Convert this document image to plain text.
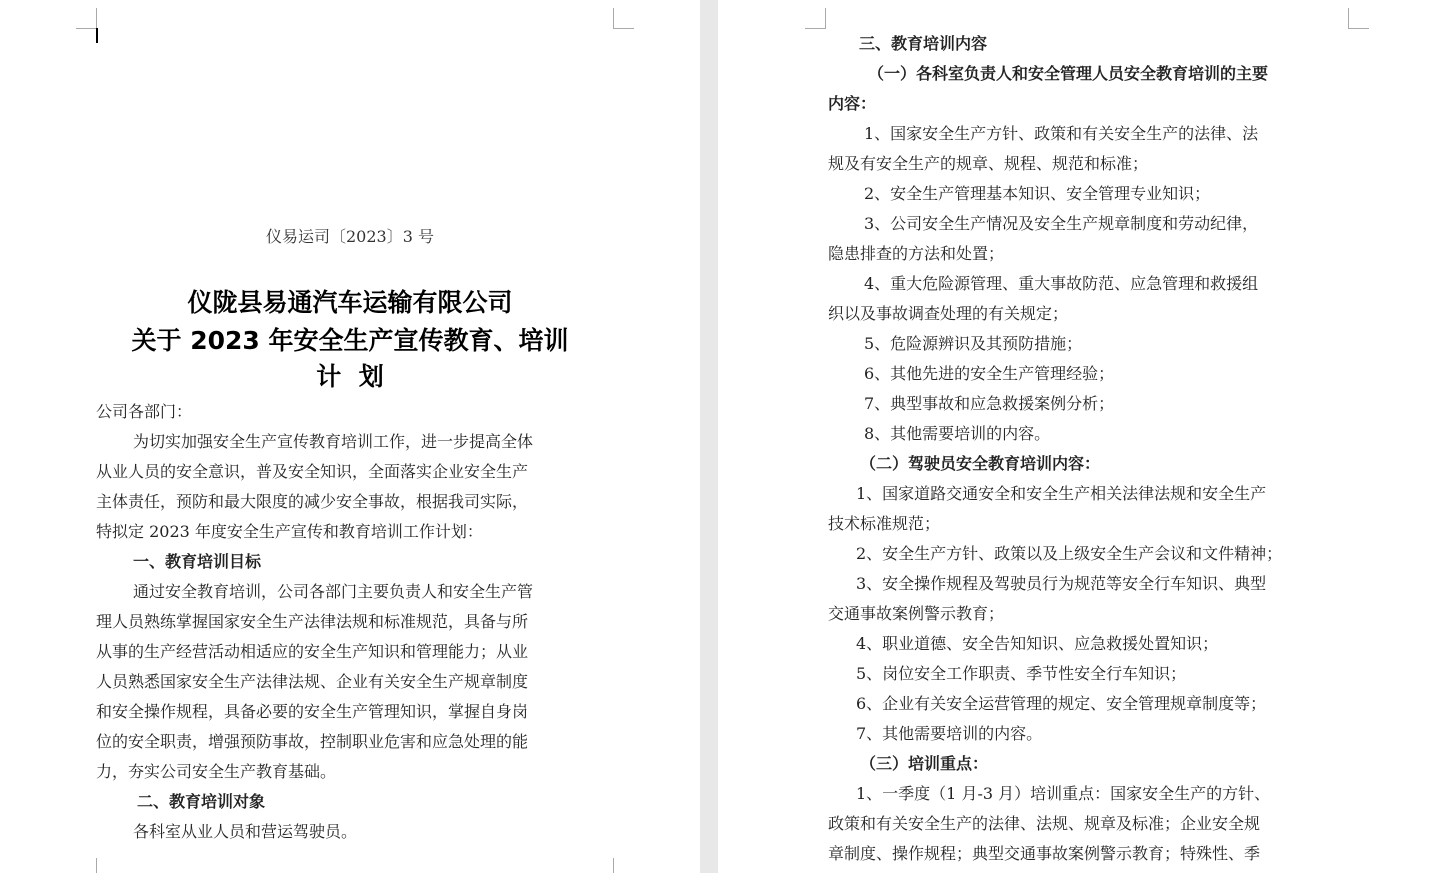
仪易运司〔2023〕3 号
仪陇县易通汽车运输有限公司
关于 2023 年安全生产宣传教育、培训
计  划
公司各部门：
为切实加强安全生产宣传教育培训工作，进一步提高全体
从业人员的安全意识，普及安全知识，全面落实企业安全生产
主体责任，预防和最大限度的减少安全事故，根据我司实际，
特拟定 2023 年度安全生产宣传和教育培训工作计划：
一、教育培训目标
通过安全教育培训，公司各部门主要负责人和安全生产管
理人员熟练掌握国家安全生产法律法规和标准规范，具备与所
从事的生产经营活动相适应的安全生产知识和管理能力；从业
人员熟悉国家安全生产法律法规、企业有关安全生产规章制度
和安全操作规程，具备必要的安全生产管理知识，掌握自身岗
位的安全职责，增强预防事故，控制职业危害和应急处理的能
力，夯实公司安全生产教育基础。
二、教育培训对象
各科室从业人员和营运驾驶员。
三、教育培训内容
（一）各科室负责人和安全管理人员安全教育培训的主要
内容：
1、国家安全生产方针、政策和有关安全生产的法律、法
规及有安全生产的规章、规程、规范和标准；
2、安全生产管理基本知识、安全管理专业知识；
3、公司安全生产情况及安全生产规章制度和劳动纪律，
隐患排查的方法和处置；
4、重大危险源管理、重大事故防范、应急管理和救援组
织以及事故调查处理的有关规定；
5、危险源辨识及其预防措施；
6、其他先进的安全生产管理经验；
7、典型事故和应急救援案例分析；
8、其他需要培训的内容。
（二）驾驶员安全教育培训内容：
1、国家道路交通安全和安全生产相关法律法规和安全生产
技术标准规范；
2、安全生产方针、政策以及上级安全生产会议和文件精神；
3、安全操作规程及驾驶员行为规范等安全行车知识、典型
交通事故案例警示教育；
4、职业道德、安全告知知识、应急救援处置知识；
5、岗位安全工作职责、季节性安全行车知识；
6、企业有关安全运营管理的规定、安全管理规章制度等；
7、其他需要培训的内容。
（三）培训重点：
1、一季度（1 月-3 月）培训重点：国家安全生产的方针、
政策和有关安全生产的法律、法规、规章及标准；企业安全规
章制度、操作规程；典型交通事故案例警示教育；特殊性、季
